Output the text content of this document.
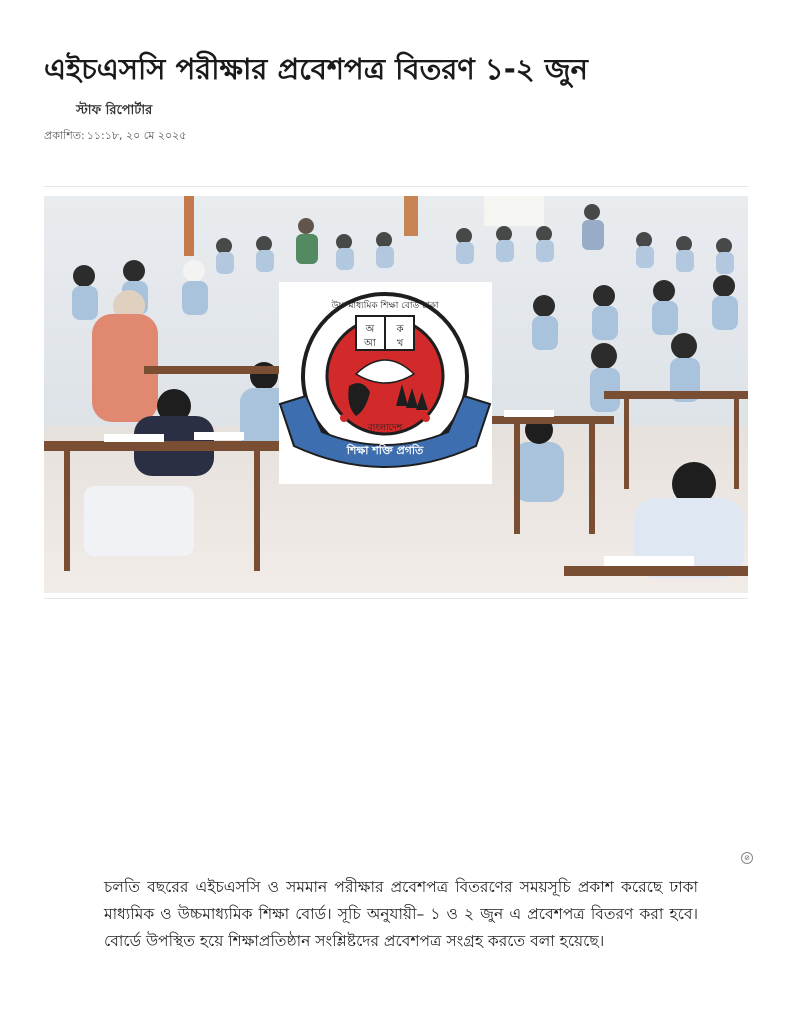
এইচএসসি পরীক্ষার প্রবেশপত্র বিতরণ ১-২ জুন
স্টাফ রিপোর্টার
প্রকাশিত: ১১:১৮, ২০ মে ২০২৫
অ ক
আ খ
উচ্চ মাধ্যমিক শিক্ষা বোর্ড ঢাকা
বাংলাদেশ
শিক্ষা শক্তি প্রগতি
⊘

চলতি বছরের এইচএসসি ও সমমান পরীক্ষার প্রবেশপত্র বিতরণের সময়সূচি প্রকাশ করেছে ঢাকা মাধ্যমিক ও উচ্চমাধ্যমিক শিক্ষা বোর্ড। সূচি অনুযায়ী– ১ ও ২ জুন এ প্রবেশপত্র বিতরণ করা হবে। বোর্ডে উপস্থিত হয়ে শিক্ষাপ্রতিষ্ঠান সংশ্লিষ্টদের প্রবেশপত্র সংগ্রহ করতে বলা হয়েছে।
